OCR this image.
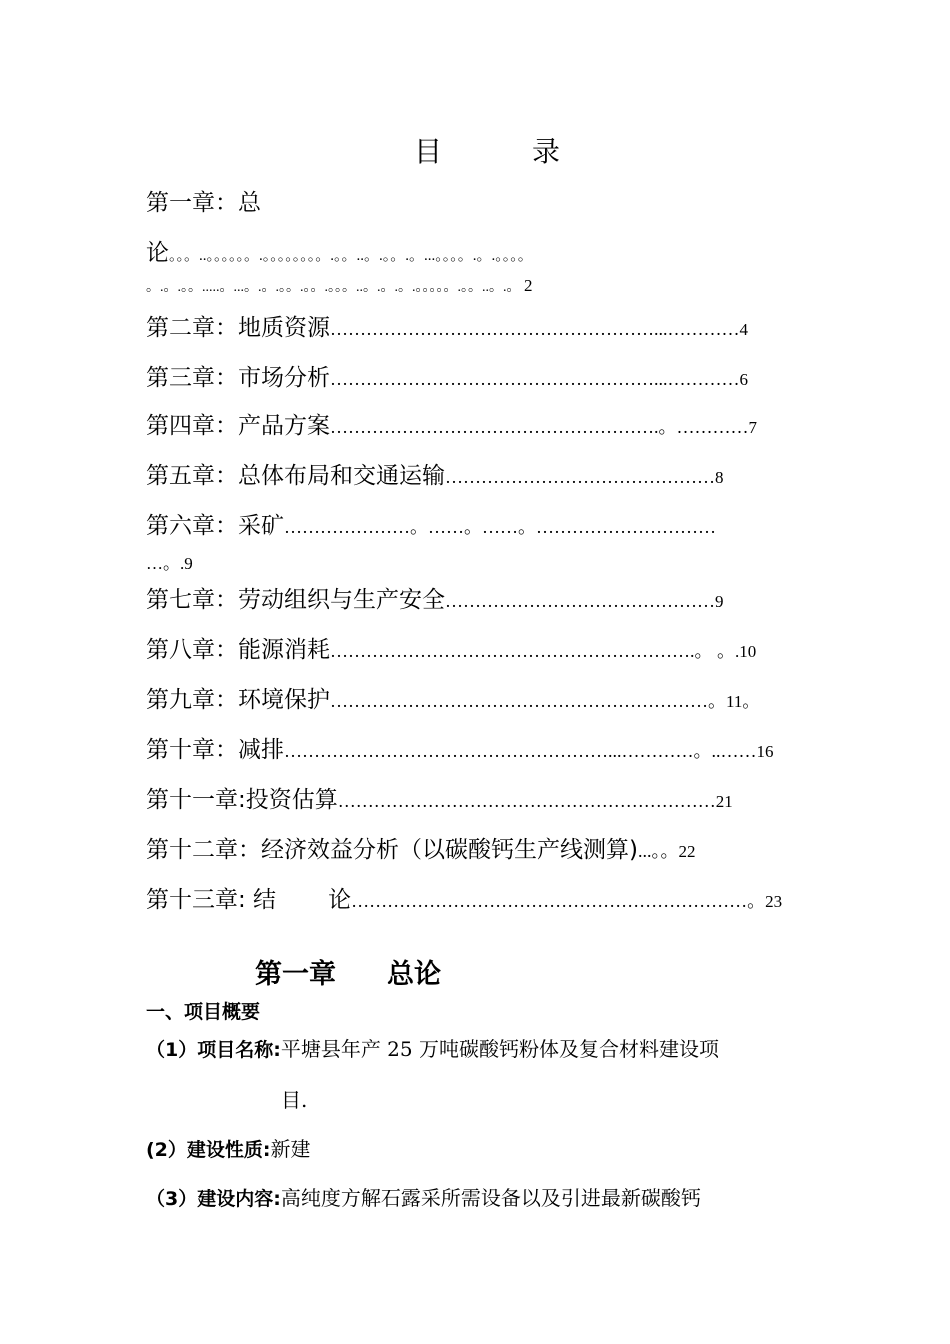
目	录
第一章：总
论。。。..。。。。。。.。。。。。。。。.。。..。.。。.。...。。。。.。.。。。。
。.。.。。.....。...。.。.。。.。。.。。。..。.。.。.。。。。。.。。..。.。 2
第二章：地质资源………………………………………………...…………4
第三章：市场分析………………………………………………...…………6
第四章：产品方案……………………………………………….。…………7
第五章：总体布局和交通运输………………………………………8
第六章：采矿…………………。……。……。…………………………
…。.9
第七章：劳动组织与生产安全………………………………………9
第八章：能源消耗…………………………………………………….。 。.10
第九章：环境保护………………………………………………………。11。
第十章：减排………………………………………………...…………。..……16
第十一章:投资估算………………………………………………………21
第十二章：经济效益分析（以碳酸钙生产线测算)...。。22
第十三章: 结 论…………………………………………………………。23
第一章 总论
一、项目概要
（1）项目名称:平塘县年产 25 万吨碳酸钙粉体及复合材料建设项
目.
(2）建设性质:新建
（3）建设内容:高纯度方解石露采所需设备以及引进最新碳酸钙
